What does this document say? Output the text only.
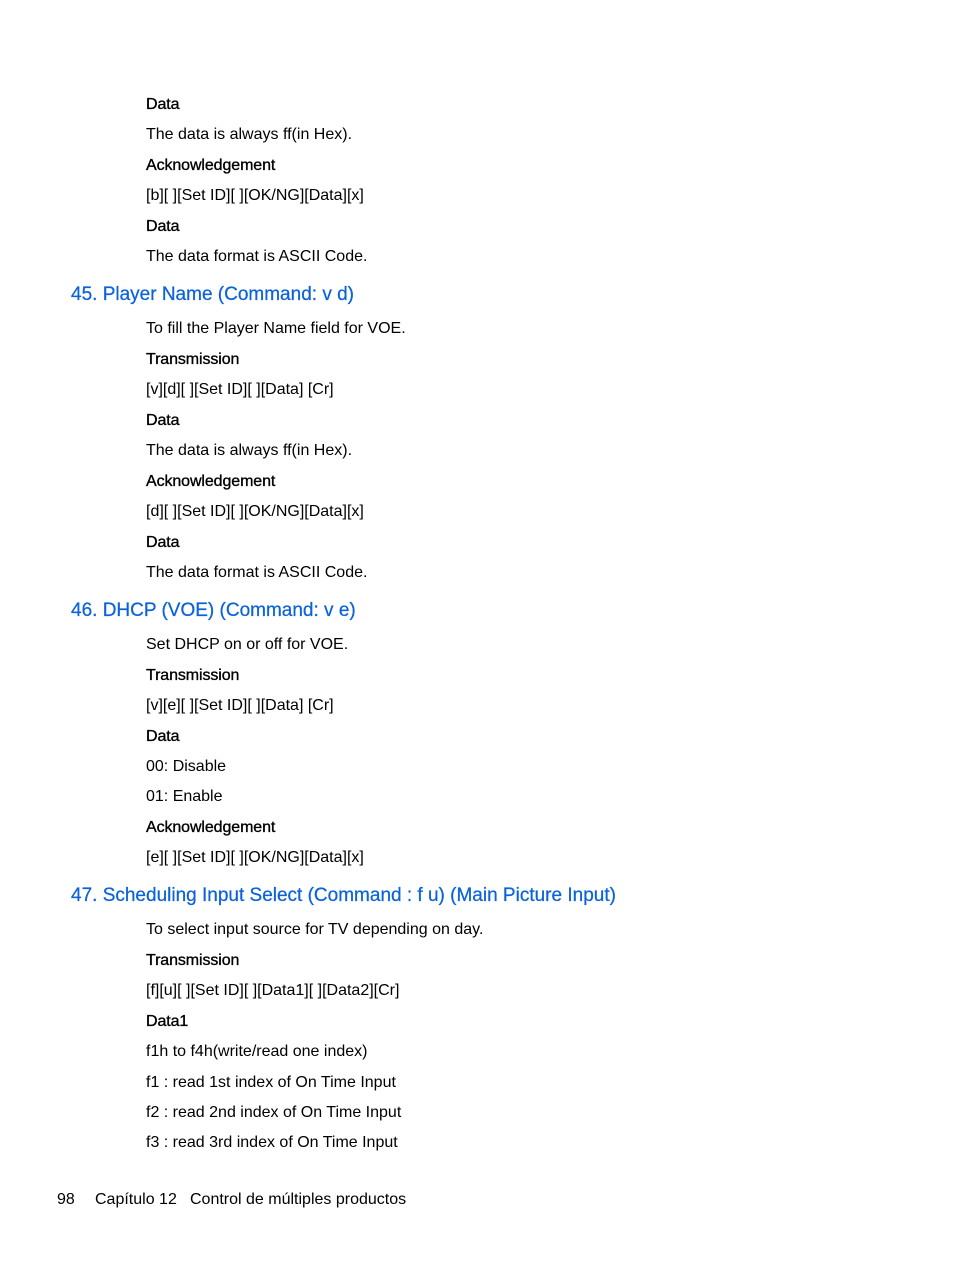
Data
The data is always ff(in Hex).
Acknowledgement
[b][ ][Set ID][ ][OK/NG][Data][x]
Data
The data format is ASCII Code.
45. Player Name (Command: v d)
To fill the Player Name field for VOE.
Transmission
[v][d][ ][Set ID][ ][Data] [Cr]
Data
The data is always ff(in Hex).
Acknowledgement
[d][ ][Set ID][ ][OK/NG][Data][x]
Data
The data format is ASCII Code.
46. DHCP (VOE) (Command: v e)
Set DHCP on or off for VOE.
Transmission
[v][e][ ][Set ID][ ][Data] [Cr]
Data
00: Disable
01: Enable
Acknowledgement
[e][ ][Set ID][ ][OK/NG][Data][x]
47. Scheduling Input Select (Command : f u) (Main Picture Input)
To select input source for TV depending on day.
Transmission
[f][u][ ][Set ID][ ][Data1][ ][Data2][Cr]
Data1
f1h to f4h(write/read one index)
f1 : read 1st index of On Time Input
f2 : read 2nd index of On Time Input
f3 : read 3rd index of On Time Input
98 Capítulo 12 Control de múltiples productos
